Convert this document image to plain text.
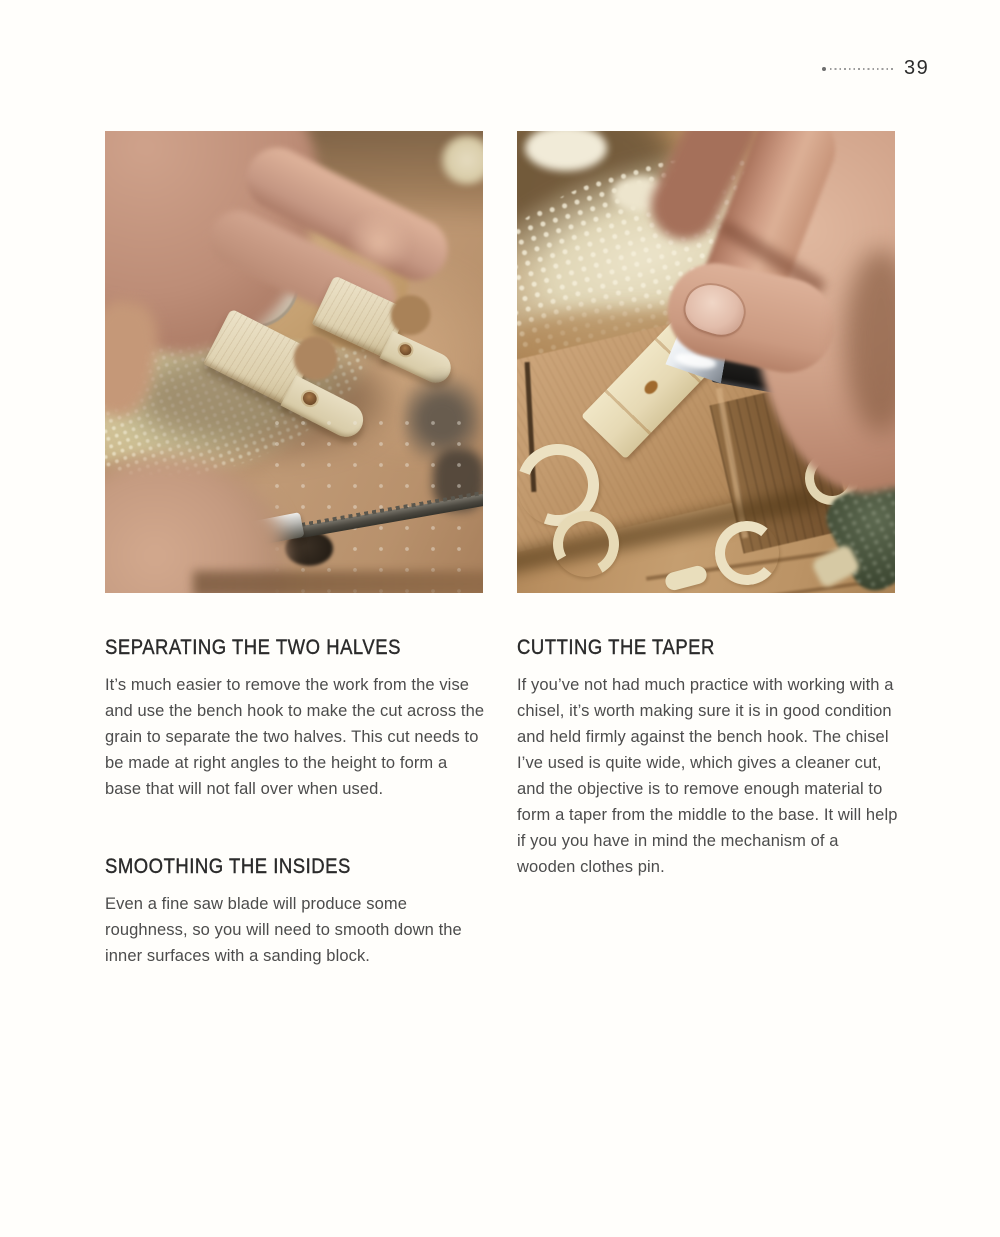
39
SEPARATING THE TWO HALVES

It’s much easier to remove the work from the vise and use the bench hook to make the cut across the grain to separate the two halves. This cut needs to be made at right angles to the height to form a base that will not fall over when used.

SMOOTHING THE INSIDES

Even a fine saw blade will produce some roughness, so you will need to smooth down the inner surfaces with a sanding block.

CUTTING THE TAPER

If you’ve not had much practice with working with a chisel, it’s worth making sure it is in good condition and held firmly against the bench hook. The chisel I’ve used is quite wide, which gives a cleaner cut, and the objective is to remove enough material to form a taper from the middle to the base. It will help if you you have in mind the mechanism of a wooden clothes pin.
